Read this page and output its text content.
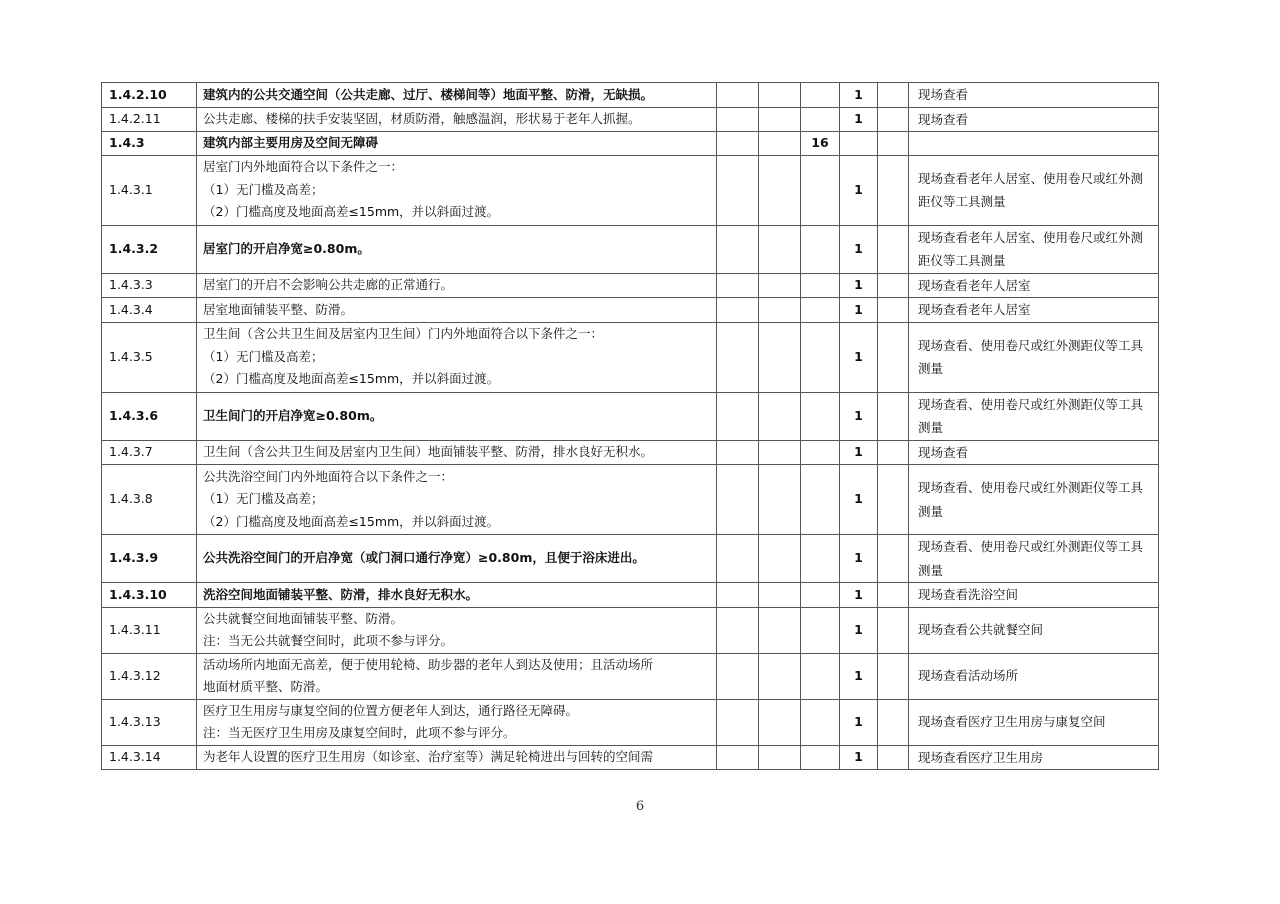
1.4.2.10	建筑内的公共交通空间（公共走廊、过厅、楼梯间等）地面平整、防滑，无缺损。				1		现场查看
1.4.2.11	公共走廊、楼梯的扶手安装坚固，材质防滑，触感温润，形状易于老年人抓握。				1		现场查看
1.4.3	建筑内部主要用房及空间无障碍			16			
1.4.3.1	居室门内外地面符合以下条件之一：
（1）无门槛及高差；
（2）门槛高度及地面高差≤15mm，并以斜面过渡。				1		现场查看老年人居室、使用卷尺或红外测距仪等工具测量
1.4.3.2	居室门的开启净宽≥0.80m。				1		现场查看老年人居室、使用卷尺或红外测距仪等工具测量
1.4.3.3	居室门的开启不会影响公共走廊的正常通行。				1		现场查看老年人居室
1.4.3.4	居室地面铺装平整、防滑。				1		现场查看老年人居室
1.4.3.5	卫生间（含公共卫生间及居室内卫生间）门内外地面符合以下条件之一：
（1）无门槛及高差；
（2）门槛高度及地面高差≤15mm，并以斜面过渡。				1		现场查看、使用卷尺或红外测距仪等工具测量
1.4.3.6	卫生间门的开启净宽≥0.80m。				1		现场查看、使用卷尺或红外测距仪等工具测量
1.4.3.7	卫生间（含公共卫生间及居室内卫生间）地面铺装平整、防滑，排水良好无积水。				1		现场查看
1.4.3.8	公共洗浴空间门内外地面符合以下条件之一：
（1）无门槛及高差；
（2）门槛高度及地面高差≤15mm，并以斜面过渡。				1		现场查看、使用卷尺或红外测距仪等工具测量
1.4.3.9	公共洗浴空间门的开启净宽（或门洞口通行净宽）≥0.80m，且便于浴床进出。				1		现场查看、使用卷尺或红外测距仪等工具测量
1.4.3.10	洗浴空间地面铺装平整、防滑，排水良好无积水。				1		现场查看洗浴空间
1.4.3.11	公共就餐空间地面铺装平整、防滑。
注：当无公共就餐空间时，此项不参与评分。				1		现场查看公共就餐空间
1.4.3.12	活动场所内地面无高差，便于使用轮椅、助步器的老年人到达及使用；且活动场所
地面材质平整、防滑。				1		现场查看活动场所
1.4.3.13	医疗卫生用房与康复空间的位置方便老年人到达，通行路径无障碍。
注：当无医疗卫生用房及康复空间时，此项不参与评分。				1		现场查看医疗卫生用房与康复空间
1.4.3.14	为老年人设置的医疗卫生用房（如诊室、治疗室等）满足轮椅进出与回转的空间需				1		现场查看医疗卫生用房
6
